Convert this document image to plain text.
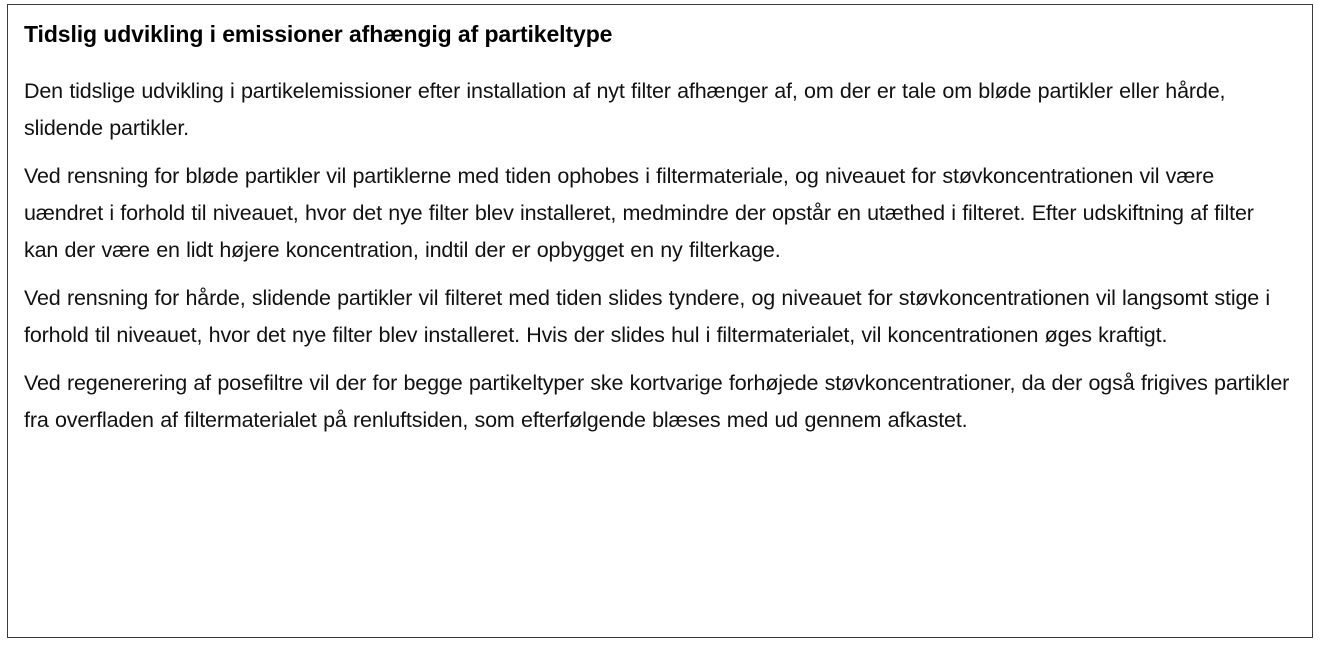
Tidslig udvikling i emissioner afhængig af partikeltype

Den tidslige udvikling i partikelemissioner efter installation af nyt filter afhænger af, om der er tale om bløde partikler eller hårde, slidende partikler.

Ved rensning for bløde partikler vil partiklerne med tiden ophobes i filtermateriale, og niveauet for støvkoncentrationen vil være uændret i forhold til niveauet, hvor det nye filter blev installeret, medmindre der opstår en utæthed i filteret. Efter udskiftning af filter kan der være en lidt højere koncentration, indtil der er opbygget en ny filterkage.

Ved rensning for hårde, slidende partikler vil filteret med tiden slides tyndere, og niveauet for støvkoncentrationen vil langsomt stige i forhold til niveauet, hvor det nye filter blev installeret. Hvis der slides hul i filtermaterialet, vil koncentrationen øges kraftigt.

Ved regenerering af posefiltre vil der for begge partikeltyper ske kortvarige forhøjede støvkoncentrationer, da der også frigives partikler fra overfladen af filtermaterialet på renluftsiden, som efterfølgende blæses med ud gennem afkastet.
